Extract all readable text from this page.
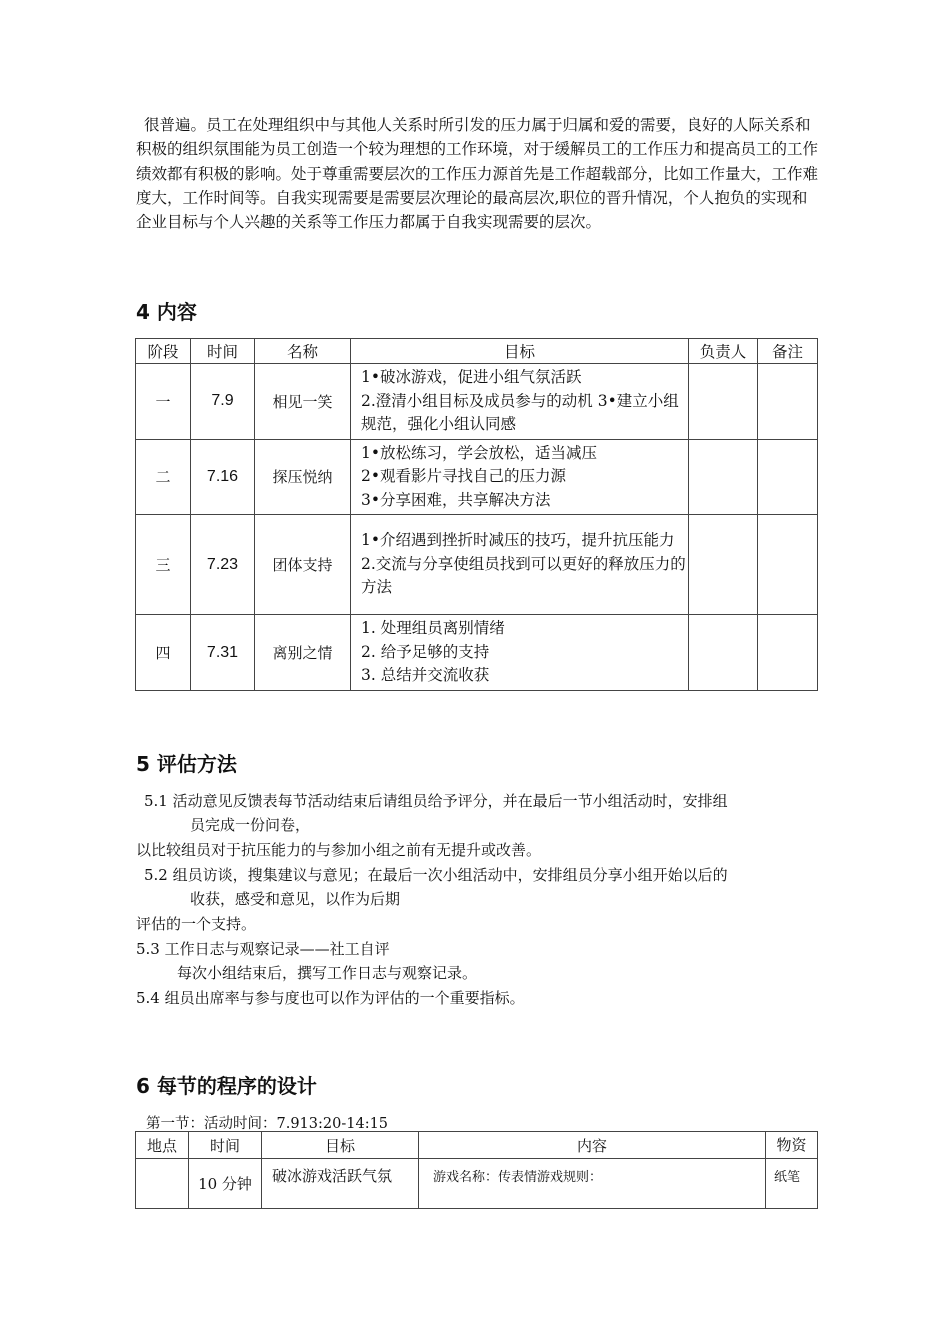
很普遍。员工在处理组织中与其他人关系时所引发的压力属于归属和爱的需要，良好的人际关系和积极的组织氛围能为员工创造一个较为理想的工作环境，对于缓解员工的工作压力和提高员工的工作绩效都有积极的影响。处于尊重需要层次的工作压力源首先是工作超载部分，比如工作量大，工作难度大，工作时间等。自我实现需要是需要层次理论的最高层次,职位的晋升情况，个人抱负的实现和企业目标与个人兴趣的关系等工作压力都属于自我实现需要的层次。

4 内容
阶段	时间	名称	目标	负责人	备注
一	7.9	相见一笑	1•破冰游戏，促进小组气氛活跃
2.澄清小组目标及成员参与的动机 3•建立小组规范，强化小组认同感		

二	7.16	探压悦纳	1•放松练习，学会放松，适当减压
2•观看影片寻找自己的压力源
3•分享困难，共享解决方法		

三	7.23	团体支持	1•介绍遇到挫折时减压的技巧，提升抗压能力
2.交流与分享使组员找到可以更好的释放压力的方法		

四	7.31	离别之情	1. 处理组员离别情绪
2. 给予足够的支持
3. 总结并交流收获		

5 评估方法

5.1 活动意见反馈表每节活动结束后请组员给予评分，并在最后一节小组活动时，安排组

员完成一份问卷，

以比较组员对于抗压能力的与参加小组之前有无提升或改善。

5.2 组员访谈，搜集建议与意见；在最后一次小组活动中，安排组员分享小组开始以后的

收获，感受和意见，以作为后期

评估的一个支持。

5.3 工作日志与观察记录——社工自评

每次小组结束后，撰写工作日志与观察记录。

5.4 组员出席率与参与度也可以作为评估的一个重要指标。

6 每节的程序的设计

第一节：活动时间：7.913:20-14:15

地点	时间	目标	内容	物资
	10 分钟	破冰游戏活跃气氛	游戏名称：传表情游戏规则：	纸笔
